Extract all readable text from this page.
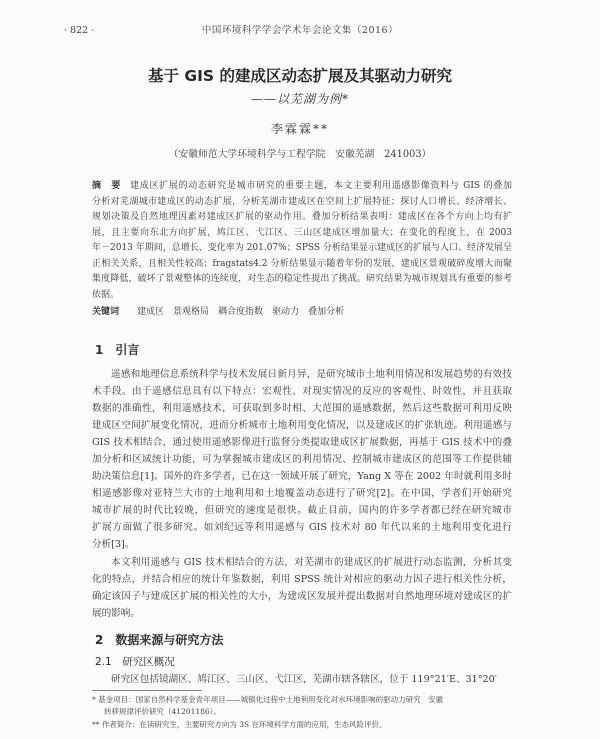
· 822 ·	中国环境科学学会学术年会论文集（2016）
基于 GIS 的建成区动态扩展及其驱动力研究
——以芜湖为例*
李霖霖**
（安徽师范大学环境科学与工程学院　安徽芜湖　241003）
摘　要 建成区扩展的动态研究是城市研究的重要主题，本文主要利用遥感影像资料与 GIS 的叠加
分析对芜湖城市建成区的动态扩展，分析芜湖市建成区在空间上扩展特征；探讨人口增长、经济增长、
规划决策及自然地理因素对建成区扩展的驱动作用。叠加分析结果表明：建成区在各个方向上均有扩
展，且主要向东北方向扩展，鸠江区、弋江区、三山区建成区增加量大；在变化的程度上，在 2003
年－2013 年期间，总增长、变化率为 201.07%；SPSS 分析结果显示建成区的扩展与人口、经济发展呈
正相关关系，且相关性较高；fragstats4.2 分析结果显示随着年份的发展，建成区景观破碎度增大而聚
集度降低，破坏了景观整体的连续度，对生态的稳定性提出了挑战。研究结果为城市规划具有重要的参考
依据。
关键词 建成区 景观格局 耦合度指数 驱动力 叠加分析
1　引言
遥感和地理信息系统科学与技术发展日新月异，是研究城市土地利用情况和发展趋势的有效技
术手段。由于遥感信息具有以下特点：宏观性、对现实情况的反应的客观性、时效性，并且获取
数据的准确性，利用遥感技术，可获取到多时相、大范围的遥感数据，然后这些数据可利用反映
建成区空间扩展变化情况，进而分析城市土地利用变化情况，以及建成区的扩张轨迹。利用遥感与
GIS 技术相结合，通过使用遥感影像进行监督分类提取建成区扩展数据，再基于 GIS 技术中的叠
加分析和区域统计功能，可为掌握城市建成区的利用情况、控制城市建成区的范围等工作提供辅
助决策信息[1]。国外的许多学者，已在这一领域开展了研究，Yang X 等在 2002 年时就利用多时
相遥感影像对亚特兰大市的土地利用和土地覆盖动态进行了研究[2]。在中国，学者们开始研究
城市扩展的时代比较晚，但研究的速度是很快。截止目前，国内的许多学者都已经在研究城市
扩展方面做了很多研究。如刘纪远等利用遥感与 GIS 技术对 80 年代以来的土地利用变化进行
分析[3]。
本文利用遥感与 GIS 技术相结合的方法，对芜湖市的建成区的扩展进行动态监测，分析其变
化的特点，并结合相应的统计年鉴数据，利用 SPSS 统计对相应的驱动力因子进行相关性分析，
确定该因子与建成区扩展的相关性的大小，为建成区发展并提出数据对自然地理环境对建成区的扩
展的影响。
2　数据来源与研究方法
2.1　研究区概况
研究区包括镜湖区、鸠江区、三山区、弋江区，芜湖市辖各辖区，位于 119°21′E、31°20′
* 基金项目：国家自然科学基金青年项目——城镇化过程中土地利用变化对水环境影响的驱动力研究　安徽
转移规律评价研究（41201186）。
** 作者简介：在读研究生，主要研究方向为 3S 在环境科学方面的应用，生态风险评价。
